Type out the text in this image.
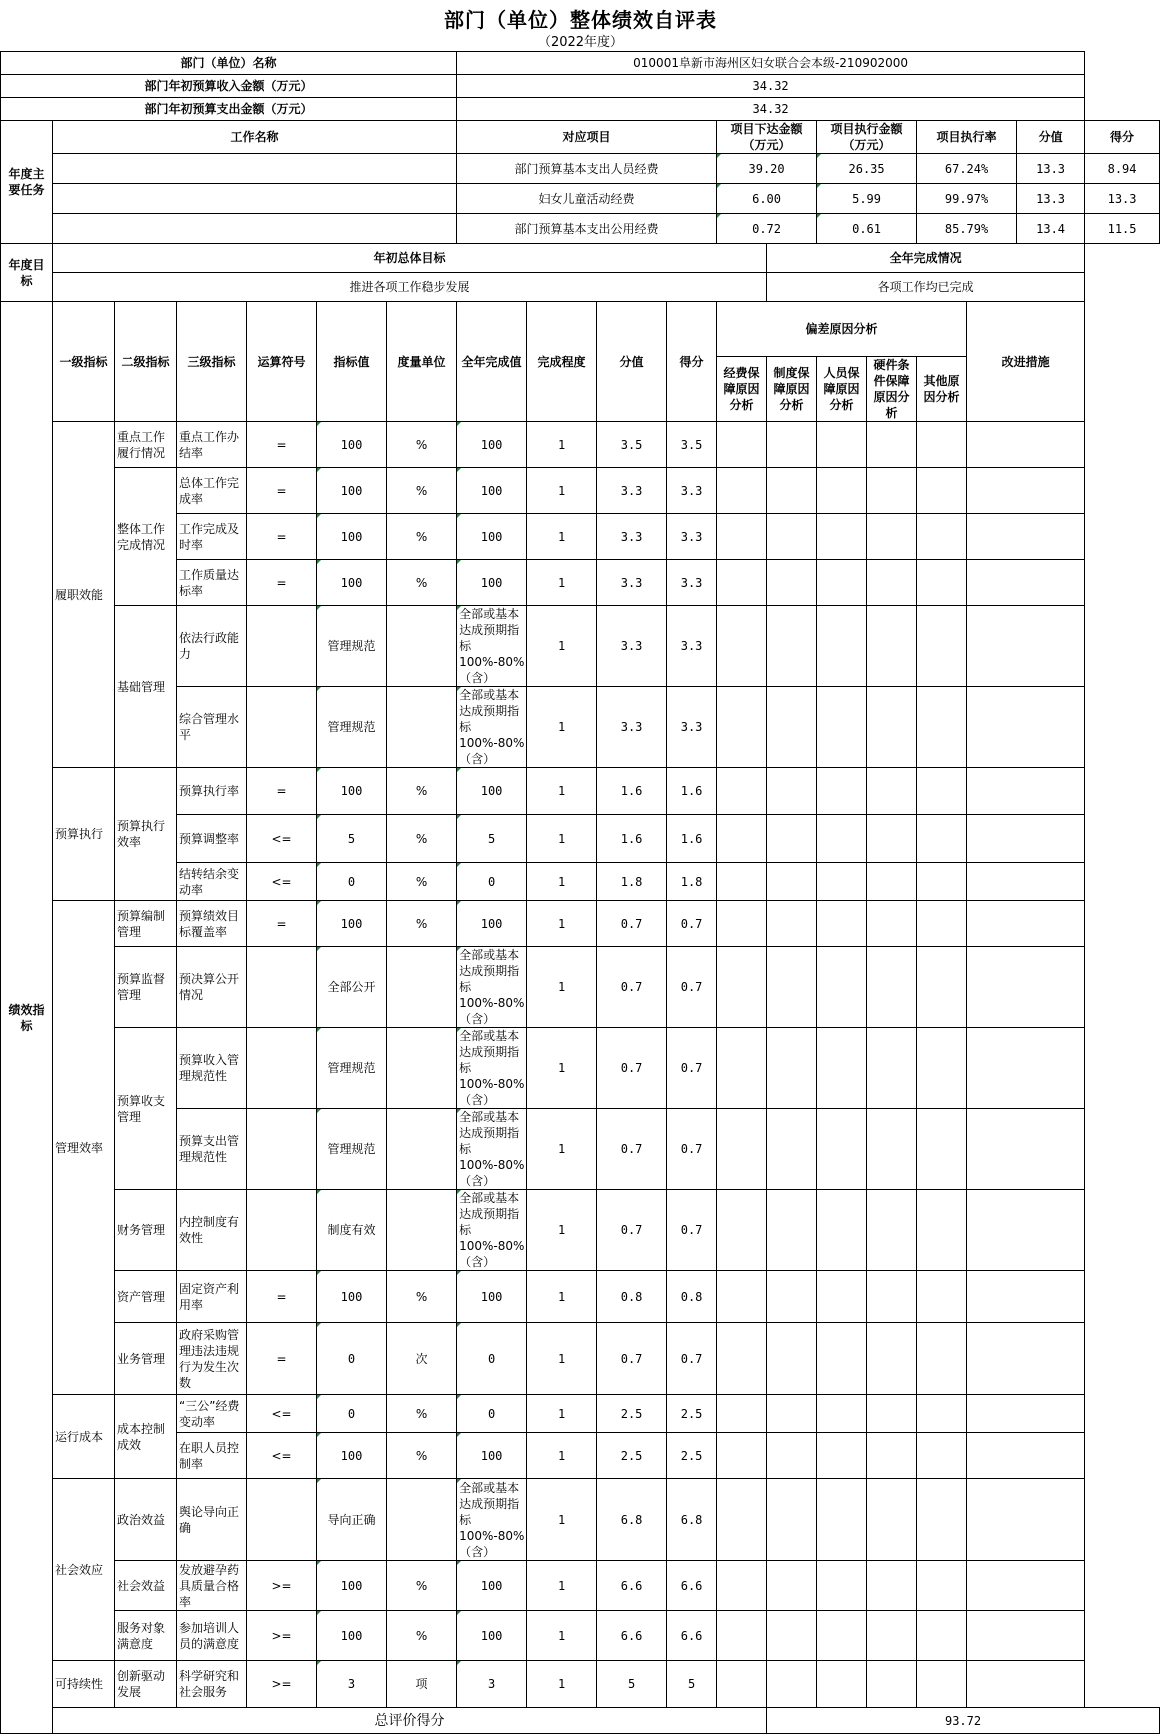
部门（单位）整体绩效自评表
（2022年度）
部门（单位）名称							010001阜新市海州区妇女联合会本级-210902000											
部门年初预算收入金额（万元）							34.32											
部门年初预算支出金额（万元）							34.32											
年度主要任务	工作名称						对应项目				项目下达金额（万元）		项目执行金额（万元）		项目执行率		分值	得分
							部门预算基本支出人员经费				39.20		26.35		67.24%		13.3	8.94
							妇女儿童活动经费				6.00		5.99		99.97%		13.3	13.3
							部门预算基本支出公用经费				0.72		0.61		85.79%		13.4	11.5
年度目标	年初总体目标											全年完成情况						
	推进各项工作稳步发展											各项工作均已完成						
绩效指标	一级指标	二级指标	三级指标	运算符号	指标值	度量单位	全年完成值	完成程度	分值	得分	偏差原因分析					改进措施		
											经费保障原因分析	制度保障原因分析	人员保障原因分析	硬件条件保障原因分析	其他原因分析			
	履职效能	重点工作履行情况	重点工作办结率	=	100	%	100	1	3.5	3.5								
		整体工作完成情况	总体工作完成率	=	100	%	100	1	3.3	3.3								
			工作完成及时率	=	100	%	100	1	3.3	3.3								
			工作质量达标率	=	100	%	100	1	3.3	3.3								
		基础管理	依法行政能力		管理规范		全部或基本达成预期指标100%-80%（含）	1	3.3	3.3								
			综合管理水平		管理规范		全部或基本达成预期指标100%-80%（含）	1	3.3	3.3								
	预算执行	预算执行效率	预算执行率	=	100	%	100	1	1.6	1.6								
			预算调整率	<=	5	%	5	1	1.6	1.6								
			结转结余变动率	<=	0	%	0	1	1.8	1.8								
	管理效率	预算编制管理	预算绩效目标覆盖率	=	100	%	100	1	0.7	0.7								
		预算监督管理	预决算公开情况		全部公开		全部或基本达成预期指标100%-80%（含）	1	0.7	0.7								
		预算收支管理	预算收入管理规范性		管理规范		全部或基本达成预期指标100%-80%（含）	1	0.7	0.7								
			预算支出管理规范性		管理规范		全部或基本达成预期指标100%-80%（含）	1	0.7	0.7								
		财务管理	内控制度有效性		制度有效		全部或基本达成预期指标100%-80%（含）	1	0.7	0.7								
		资产管理	固定资产利用率	=	100	%	100	1	0.8	0.8								
		业务管理	政府采购管理违法违规行为发生次数	=	0	次	0	1	0.7	0.7								
	运行成本	成本控制成效	“三公”经费变动率	<=	0	%	0	1	2.5	2.5								
			在职人员控制率	<=	100	%	100	1	2.5	2.5								
	社会效应	政治效益	舆论导向正确		导向正确		全部或基本达成预期指标100%-80%（含）	1	6.8	6.8								
		社会效益	发放避孕药具质量合格率	>=	100	%	100	1	6.6	6.6								
		服务对象满意度	参加培训人员的满意度	>=	100	%	100	1	6.6	6.6								
	可持续性	创新驱动发展	科学研究和社会服务	>=	3	项	3	1	5	5								
	总评价得分											93.72						
